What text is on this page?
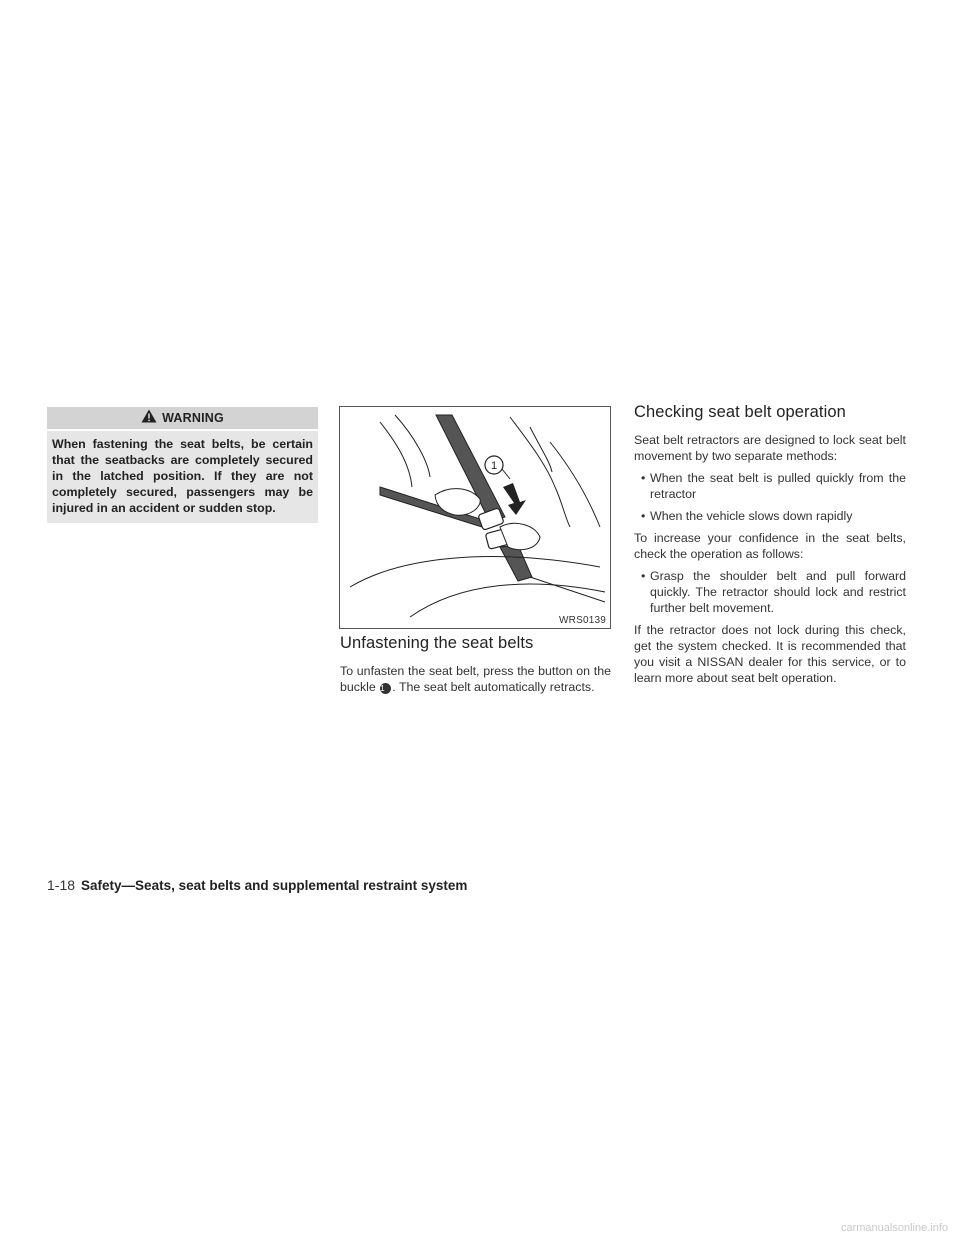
WARNING

When fastening the seat belts, be certain that the seatbacks are completely secured in the latched position. If they are not completely secured, passengers may be injured in an accident or sudden stop.

1
WRS0139
Unfastening the seat belts

To unfasten the seat belt, press the button on the buckle 1 . The seat belt automatically retracts.

Checking seat belt operation

Seat belt retractors are designed to lock seat belt movement by two separate methods:

• When the seat belt is pulled quickly from the retractor
• When the vehicle slows down rapidly

To increase your confidence in the seat belts, check the operation as follows:

• Grasp the shoulder belt and pull forward quickly. The retractor should lock and restrict further belt movement.

If the retractor does not lock during this check, get the system checked. It is recommended that you visit a NISSAN dealer for this service, or to learn more about seat belt operation.

1-18 Safety—Seats, seat belts and supplemental restraint system
carmanualsonline.info
